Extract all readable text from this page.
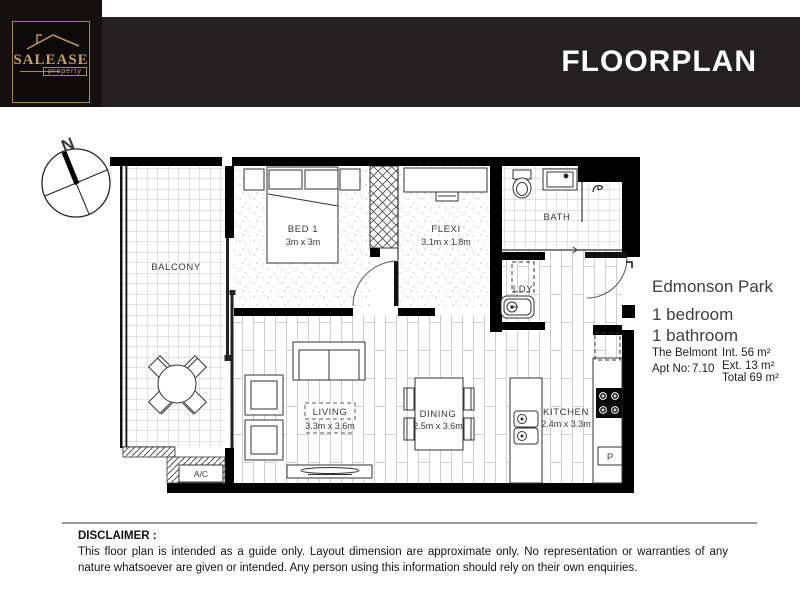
FLOORPLAN
SALEASE
property
N
BALCONY
BED 1
3m x 3m
FLEXI
3.1m x 1.8m
BATH
LDY
LIVING
3.3m x 3.6m
DINING
2.5m x 3.6m
KITCHEN
2.4m x 3.3m
A/C
P
Edmonson Park
1 bedroom
1 bathroom
The Belmont
Apt No: 7.10
Int. 56 m²
Ext. 13 m²
Total 69 m²
DISCLAIMER :
This floor plan is intended as a guide only. Layout dimension are approximate only. No representation or warranties of any nature whatsoever are given or intended. Any person using this information should rely on their own enquiries.
